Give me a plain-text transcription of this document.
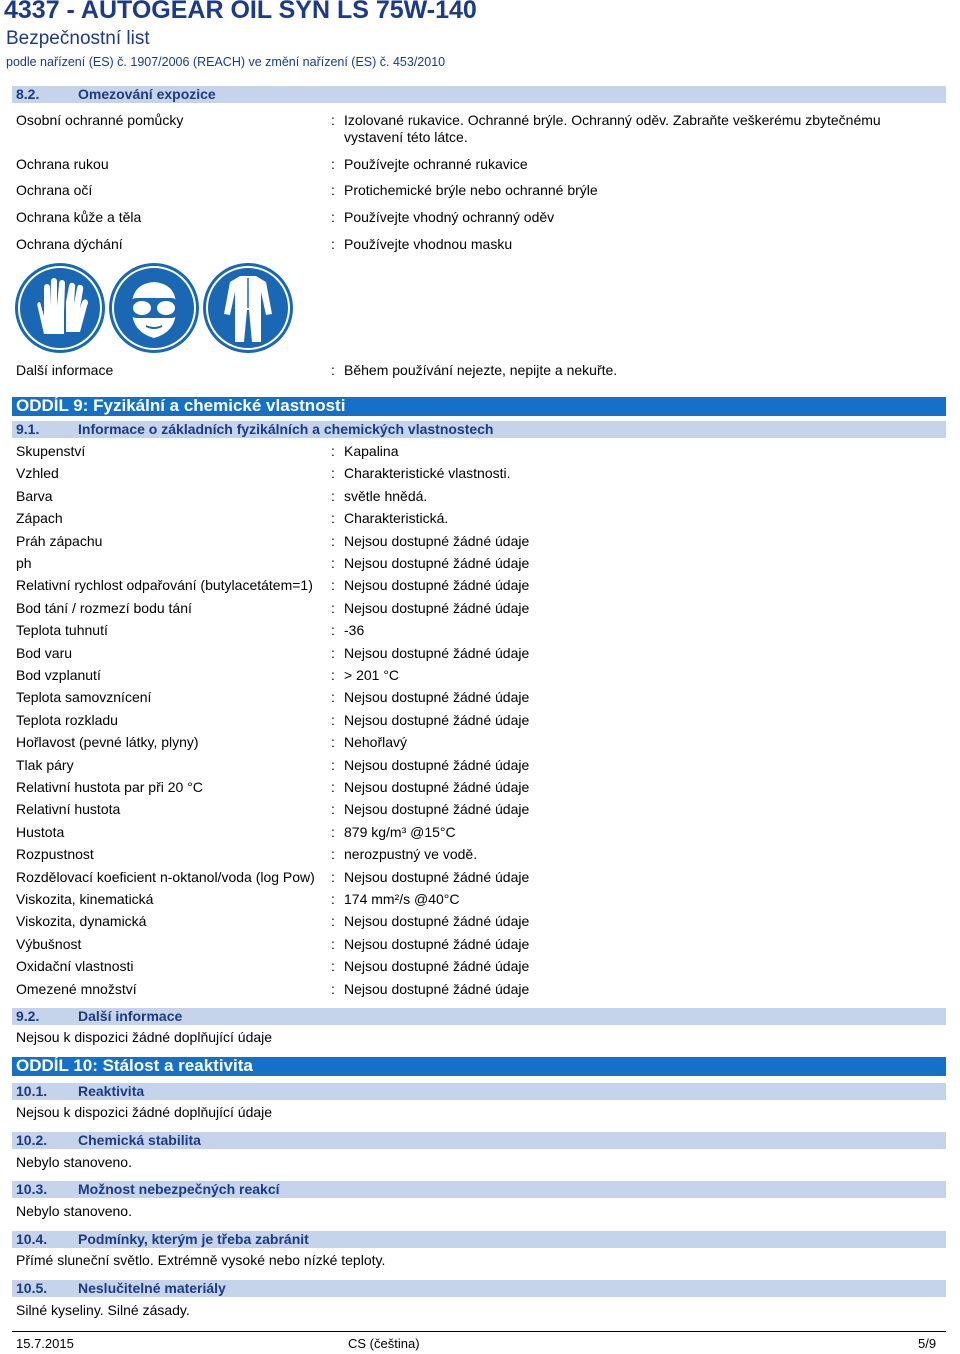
4337 - AUTOGEAR OIL SYN LS 75W-140
Bezpečnostní list
podle nařízení (ES) č. 1907/2006 (REACH) ve změní nařízení (ES) č. 453/2010
8.2.	Omezování expozice
Osobní ochranné pomůcky	: Izolované rukavice. Ochranné brýle. Ochranný oděv. Zabraňte veškerému zbytečnému
vystavení této látce.
Ochrana rukou	: Používejte ochranné rukavice
Ochrana očí	: Protichemické brýle nebo ochranné brýle
Ochrana kůže a těla	: Používejte vhodný ochranný oděv
Ochrana dýchání	: Používejte vhodnou masku
Další informace	: Během používání nejezte, nepijte a nekuřte.
ODDÍL 9: Fyzikální a chemické vlastnosti
9.1.	Informace o základních fyzikálních a chemických vlastnostech
Skupenství	: Kapalina
Vzhled	: Charakteristické vlastnosti.
Barva	: světle hnědá.
Zápach	: Charakteristická.
Práh zápachu	: Nejsou dostupné žádné údaje
ph	: Nejsou dostupné žádné údaje
Relativní rychlost odpařování (butylacetátem=1) : Nejsou dostupné žádné údaje
Bod tání / rozmezí bodu tání	: Nejsou dostupné žádné údaje
Teplota tuhnutí	: -36
Bod varu	: Nejsou dostupné žádné údaje
Bod vzplanutí	: > 201 °C
Teplota samovznícení	: Nejsou dostupné žádné údaje
Teplota rozkladu	: Nejsou dostupné žádné údaje
Hořlavost (pevné látky, plyny)	: Nehořlavý
Tlak páry	: Nejsou dostupné žádné údaje
Relativní hustota par při 20 °C	: Nejsou dostupné žádné údaje
Relativní hustota	: Nejsou dostupné žádné údaje
Hustota	: 879 kg/m³ @15°C
Rozpustnost	: nerozpustný ve vodě.
Rozdělovací koeficient n-oktanol/voda (log Pow) : Nejsou dostupné žádné údaje
Viskozita, kinematická	: 174 mm²/s @40°C
Viskozita, dynamická	: Nejsou dostupné žádné údaje
Výbušnost	: Nejsou dostupné žádné údaje
Oxidační vlastnosti	: Nejsou dostupné žádné údaje
Omezené množství	: Nejsou dostupné žádné údaje
9.2.	Další informace
Nejsou k dispozici žádné doplňující údaje
ODDÍL 10: Stálost a reaktivita
10.1. Reaktivita
Nejsou k dispozici žádné doplňující údaje
10.2. Chemická stabilita
Nebylo stanoveno.
10.3. Možnost nebezpečných reakcí
Nebylo stanoveno.
10.4. Podmínky, kterým je třeba zabránit
Přímé sluneční světlo. Extrémně vysoké nebo nízké teploty.
10.5. Neslučitelné materiály
Silné kyseliny. Silné zásady.
15.7.2015	CS (čeština)	5/9
